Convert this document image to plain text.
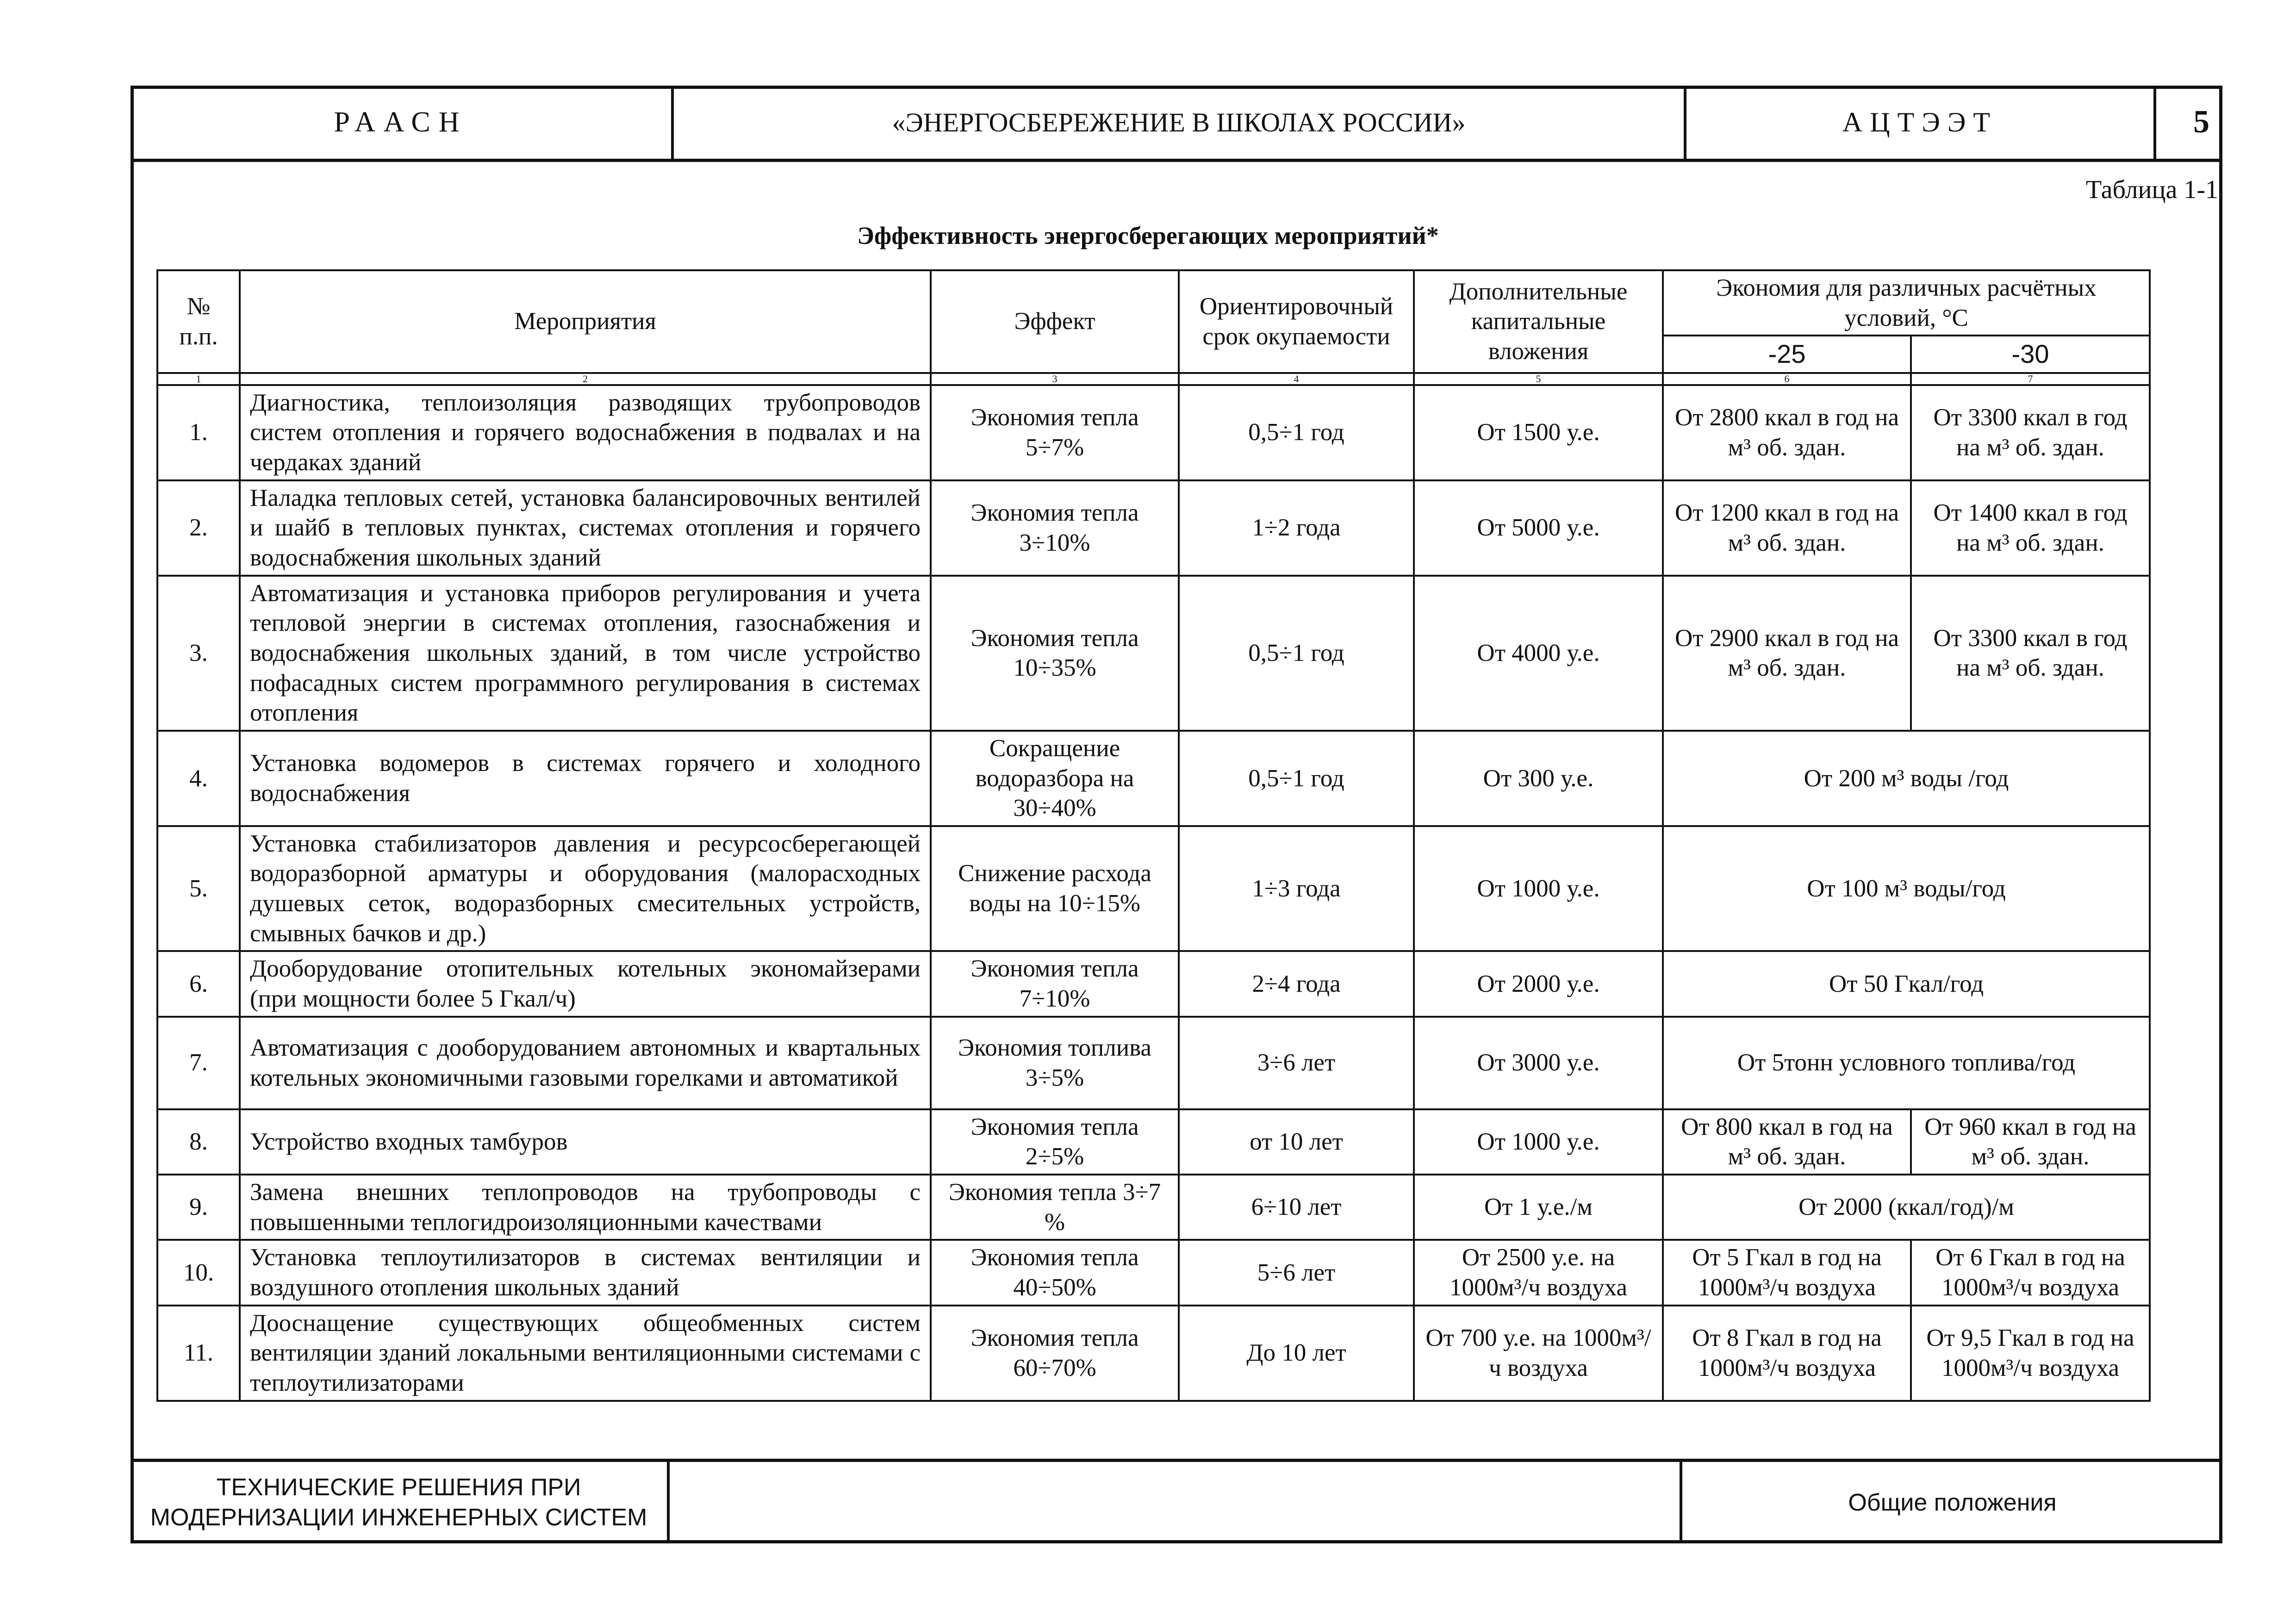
РААСН	«ЭНЕРГОСБЕРЕЖЕНИЕ В ШКОЛАХ РОССИИ»	АЦТЭЭТ	5
Таблица 1-1
Эффективность энергосберегающих мероприятий*
№ п.п.	Мероприятия	Эффект	Ориентировочный срок окупаемости	Дополнительные капитальные вложения	Экономия для различных расчётных условий, °С	
					-25	-30
1	2	3	4	5	6	7
1.	Диагностика, теплоизоляция разводящих трубопроводов систем отопления и горячего водоснабжения в подвалах и на чердаках зданий	Экономия тепла 5÷7%	0,5÷1 год	От 1500 у.е.	От 2800 ккал в год на м³ об. здан.	От 3300 ккал в год на м³ об. здан.
2.	Наладка тепловых сетей, установка балансировочных вентилей и шайб в тепловых пунктах, системах отопления и горячего водоснабжения школьных зданий	Экономия тепла 3÷10%	1÷2 года	От 5000 у.е.	От 1200 ккал в год на м³ об. здан.	От 1400 ккал в год на м³ об. здан.
3.	Автоматизация и установка приборов регулирования и учета тепловой энергии в системах отопления, газоснабжения и водоснабжения школьных зданий, в том числе устройство пофасадных систем программного регулирования в системах отопления	Экономия тепла 10÷35%	0,5÷1 год	От 4000 у.е.	От 2900 ккал в год на м³ об. здан.	От 3300 ккал в год на м³ об. здан.
4.	Установка водомеров в системах горячего и холодного водоснабжения	Сокращение водоразбора на 30÷40%	0,5÷1 год	От 300 у.е.	От 200 м³ воды /год	
5.	Установка стабилизаторов давления и ресурсосберегающей водоразборной арматуры и оборудования (малорасходных душевых сеток, водоразборных смесительных устройств, смывных бачков и др.)	Снижение расхода воды на 10÷15%	1÷3 года	От 1000 у.е.	От 100 м³ воды/год	
6.	Дооборудование отопительных котельных экономайзерами (при мощности более 5 Гкал/ч)	Экономия тепла 7÷10%	2÷4 года	От 2000 у.е.	От 50 Гкал/год	
7.	Автоматизация с дооборудованием автономных и квартальных котельных экономичными газовыми горелками и автоматикой	Экономия топлива 3÷5%	3÷6 лет	От 3000 у.е.	От 5тонн условного топлива/год	
8.	Устройство входных тамбуров	Экономия тепла 2÷5%	от 10 лет	От 1000 у.е.	От 800 ккал в год на м³ об. здан.	От 960 ккал в год на м³ об. здан.
9.	Замена внешних теплопроводов на трубопроводы с повышенными теплогидроизоляционными качествами	Экономия тепла 3÷7 %	6÷10 лет	От 1 у.е./м	От 2000 (ккал/год)/м	
10.	Установка теплоутилизаторов в системах вентиляции и воздушного отопления школьных зданий	Экономия тепла 40÷50%	5÷6 лет	От 2500 у.е. на 1000м³/ч воздуха	От 5 Гкал в год на 1000м³/ч воздуха	От 6 Гкал в год на 1000м³/ч воздуха
11.	Дооснащение существующих общеобменных систем вентиляции зданий локальными вентиляционными системами с теплоутилизаторами	Экономия тепла 60÷70%	До 10 лет	От 700 у.е. на 1000м³/ч воздуха	От 8 Гкал в год на 1000м³/ч воздуха	От 9,5 Гкал в год на 1000м³/ч воздуха
ТЕХНИЧЕСКИЕ РЕШЕНИЯ ПРИ
МОДЕРНИЗАЦИИ ИНЖЕНЕРНЫХ СИСТЕМ
Общие положения
